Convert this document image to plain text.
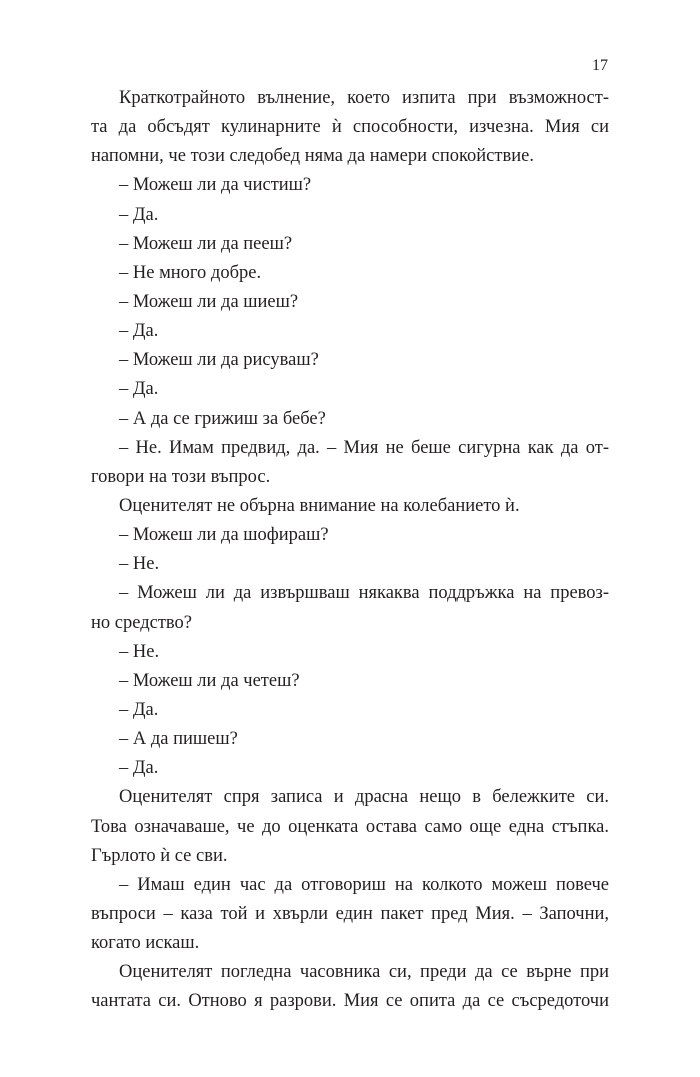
17
Краткотрайното вълнение, което изпита при възможност-
та да обсъдят кулинарните ѝ способности, изчезна. Мия си
напомни, че този следобед няма да намери спокойствие.
– Можеш ли да чистиш?
– Да.
– Можеш ли да пееш?
– Не много добре.
– Можеш ли да шиеш?
– Да.
– Можеш ли да рисуваш?
– Да.
– А да се грижиш за бебе?
– Не. Имам предвид, да. – Мия не беше сигурна как да от-
говори на този въпрос.
Оценителят не обърна внимание на колебанието ѝ.
– Можеш ли да шофираш?
– Не.
– Можеш ли да извършваш някаква поддръжка на превоз-
но средство?
– Не.
– Можеш ли да четеш?
– Да.
– А да пишеш?
– Да.
Оценителят спря записа и драсна нещо в бележките си.
Това означаваше, че до оценката остава само още една стъпка.
Гърлото ѝ се сви.
– Имаш един час да отговориш на колкото можеш повече
въпроси – каза той и хвърли един пакет пред Мия. – Започни,
когато искаш.
Оценителят погледна часовника си, преди да се върне при
чантата си. Отново я разрови. Мия се опита да се съсредоточи
